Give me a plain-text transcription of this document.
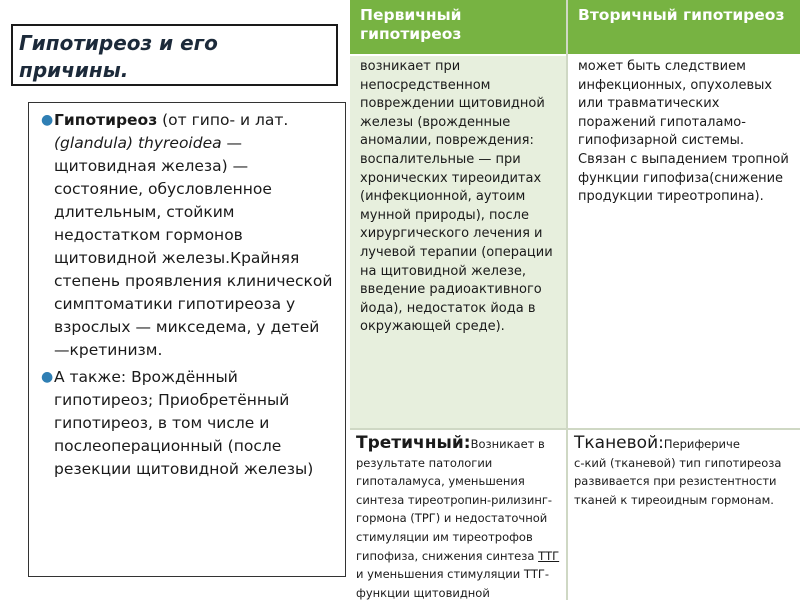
Гипотиреоз и его причины.
● Гипотиреоз (от гипо- и лат. (glandula) thyreoidea — щитовидная железа) — состояние, обусловленное длительным, стойким недостатком гормонов щитовидной железы.Крайняя степень проявления клинической симптоматики гипотиреоза у взрослых — микседема, у детей —кретинизм.
● А также: Врождённый гипотиреоз; Приобретённый гипотиреоз, в том числе и послеоперационный (после резекции щитовидной железы)
Первичный гипотиреоз
Вторичный гипотиреоз
возникает при непосредственном повреждении щитовидной железы (врожденные аномалии, повреждения: воспалительные — при хронических тиреоидитах (инфекционной, аутоим мунной природы), после хирургического лечения и лучевой терапии (операции на щитовидной железе, введение радиоактивного йода), недостаток йода в окружающей среде).
может быть следствием инфекционных, опухолевых или травматических поражений гипоталамо-гипофизарной системы. Связан с выпадением тропной функции гипофиза(снижение продукции тиреотропина).
Третичный:Возникает в результате патологии гипоталамуса, уменьшения синтеза тиреотропин-рилизинг-гормона (ТРГ) и недостаточной стимуляции им тиреотрофов гипофиза, снижения синтеза ТТГ и уменьшения стимуляции ТТГ-функции щитовидной
Тканевой:Перифериче
с-кий (тканевой) тип гипотиреоза развивается при резистентности тканей к тиреоидным гормонам.
